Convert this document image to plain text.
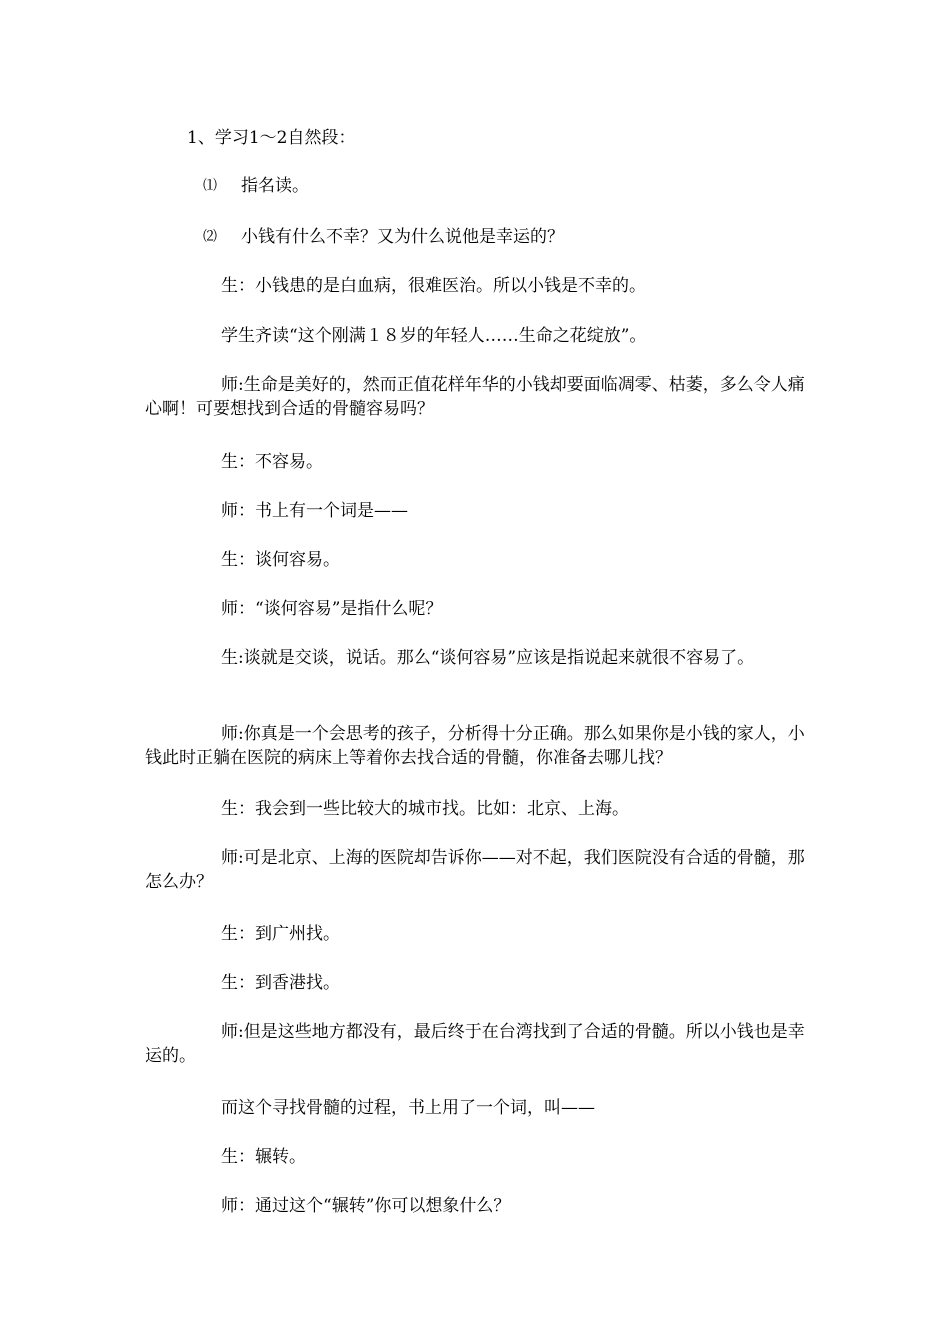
1、学习1～2自然段：
⑴ 指名读。
⑵ 小钱有什么不幸？又为什么说他是幸运的？
生：小钱患的是白血病，很难医治。所以小钱是不幸的。
学生齐读“这个刚满１８岁的年轻人……生命之花绽放”。
师:生命是美好的，然而正值花样年华的小钱却要面临凋零、枯萎，多么令人痛心啊！可要想找到合适的骨髓容易吗？
生：不容易。
师：书上有一个词是——
生：谈何容易。
师：“谈何容易”是指什么呢？
生:谈就是交谈，说话。那么“谈何容易”应该是指说起来就很不容易了。
师:你真是一个会思考的孩子，分析得十分正确。那么如果你是小钱的家人，小钱此时正躺在医院的病床上等着你去找合适的骨髓，你准备去哪儿找？
生：我会到一些比较大的城市找。比如：北京、上海。
师:可是北京、上海的医院却告诉你——对不起，我们医院没有合适的骨髓，那怎么办？
生：到广州找。
生：到香港找。
师:但是这些地方都没有，最后终于在台湾找到了合适的骨髓。所以小钱也是幸运的。
而这个寻找骨髓的过程，书上用了一个词，叫——
生：辗转。
师：通过这个“辗转”你可以想象什么？
